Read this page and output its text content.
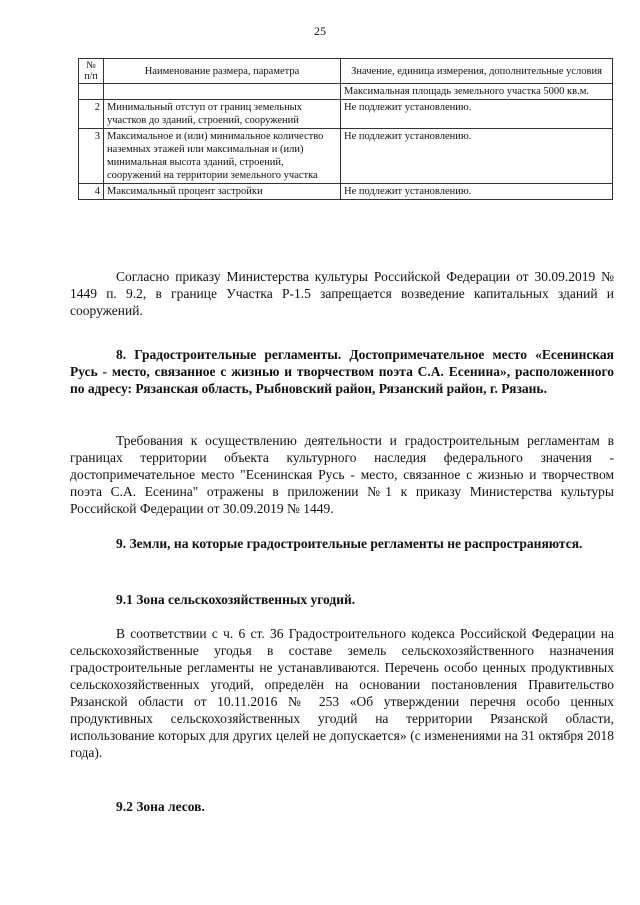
25
№ п/п	Наименование размера, параметра	Значение, единица измерения, дополнительные условия
		Максимальная площадь земельного участка 5000 кв.м.
2	Минимальный отступ от границ земельных участков до зданий, строений, сооружений	Не подлежит установлению.
3	Максимальное и (или) минимальное количество наземных этажей или максимальная и (или) минимальная высота зданий, строений, сооружений на территории земельного участка	Не подлежит установлению.
4	Максимальный процент застройки	Не подлежит установлению.

Согласно приказу Министерства культуры Российской Федерации от 30.09.2019 № 1449 п. 9.2, в границе Участка Р-1.5 запрещается возведение капитальных зданий и сооружений.

8. Градостроительные регламенты. Достопримечательное место «Есенинская Русь - место, связанное с жизнью и творчеством поэта С.А. Есенина», расположенного по адресу: Рязанская область, Рыбновский район, Рязанский район, г. Рязань.

Требования к осуществлению деятельности и градостроительным регламентам в границах территории объекта культурного наследия федерального значения - достопримечательное место "Есенинская Русь - место, связанное с жизнью и творчеством поэта С.А. Есенина" отражены в приложении №1 к приказу Министерства культуры Российской Федерации от 30.09.2019 № 1449.

9. Земли, на которые градостроительные регламенты не распространяются.

9.1 Зона сельскохозяйственных угодий.

В соответствии с ч. 6 ст. 36 Градостроительного кодекса Российской Федерации на сельскохозяйственные угодья в составе земель сельскохозяйственного назначения градостроительные регламенты не устанавливаются. Перечень особо ценных продуктивных сельскохозяйственных угодий, определён на основании постановления Правительство Рязанской области от 10.11.2016 № 253 «Об утверждении перечня особо ценных продуктивных сельскохозяйственных угодий на территории Рязанской области, использование которых для других целей не допускается» (с изменениями на 31 октября 2018 года).

9.2 Зона лесов.
